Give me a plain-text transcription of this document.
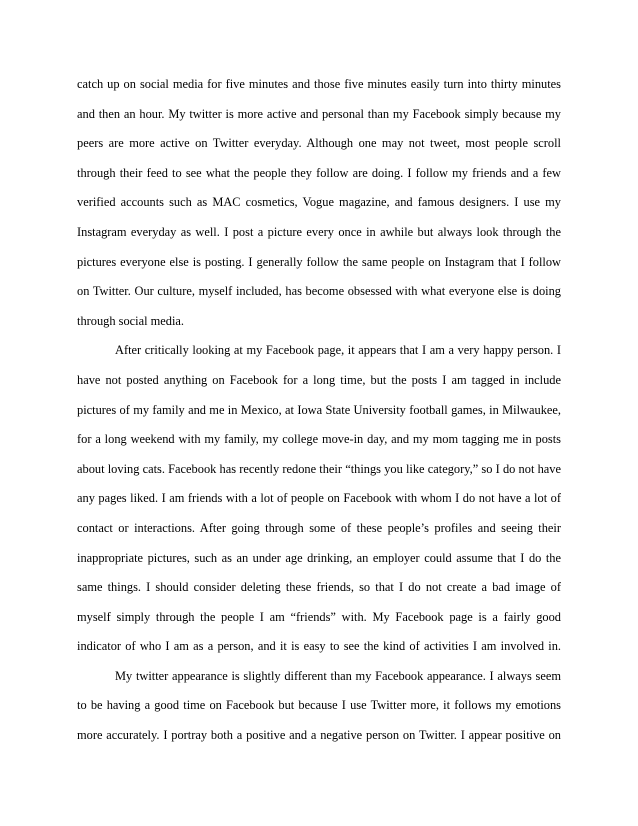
catch up on social media for five minutes and those five minutes easily turn into thirty minutes
and then an hour. My twitter is more active and personal than my Facebook simply because my
peers are more active on Twitter everyday. Although one may not tweet, most people scroll
through their feed to see what the people they follow are doing. I follow my friends and a few
verified accounts such as MAC cosmetics, Vogue magazine, and famous designers. I use my
Instagram everyday as well. I post a picture every once in awhile but always look through the
pictures everyone else is posting. I generally follow the same people on Instagram that I follow
on Twitter. Our culture, myself included, has become obsessed with what everyone else is doing
through social media.
After critically looking at my Facebook page, it appears that I am a very happy person. I
have not posted anything on Facebook for a long time, but the posts I am tagged in include
pictures of my family and me in Mexico, at Iowa State University football games, in Milwaukee,
for a long weekend with my family, my college move-in day, and my mom tagging me in posts
about loving cats. Facebook has recently redone their “things you like category,” so I do not have
any pages liked. I am friends with a lot of people on Facebook with whom I do not have a lot of
contact or interactions. After going through some of these people’s profiles and seeing their
inappropriate pictures, such as an under age drinking, an employer could assume that I do the
same things. I should consider deleting these friends, so that I do not create a bad image of
myself simply through the people I am “friends” with. My Facebook page is a fairly good
indicator of who I am as a person, and it is easy to see the kind of activities I am involved in.
My twitter appearance is slightly different than my Facebook appearance. I always seem
to be having a good time on Facebook but because I use Twitter more, it follows my emotions
more accurately. I portray both a positive and a negative person on Twitter. I appear positive on
